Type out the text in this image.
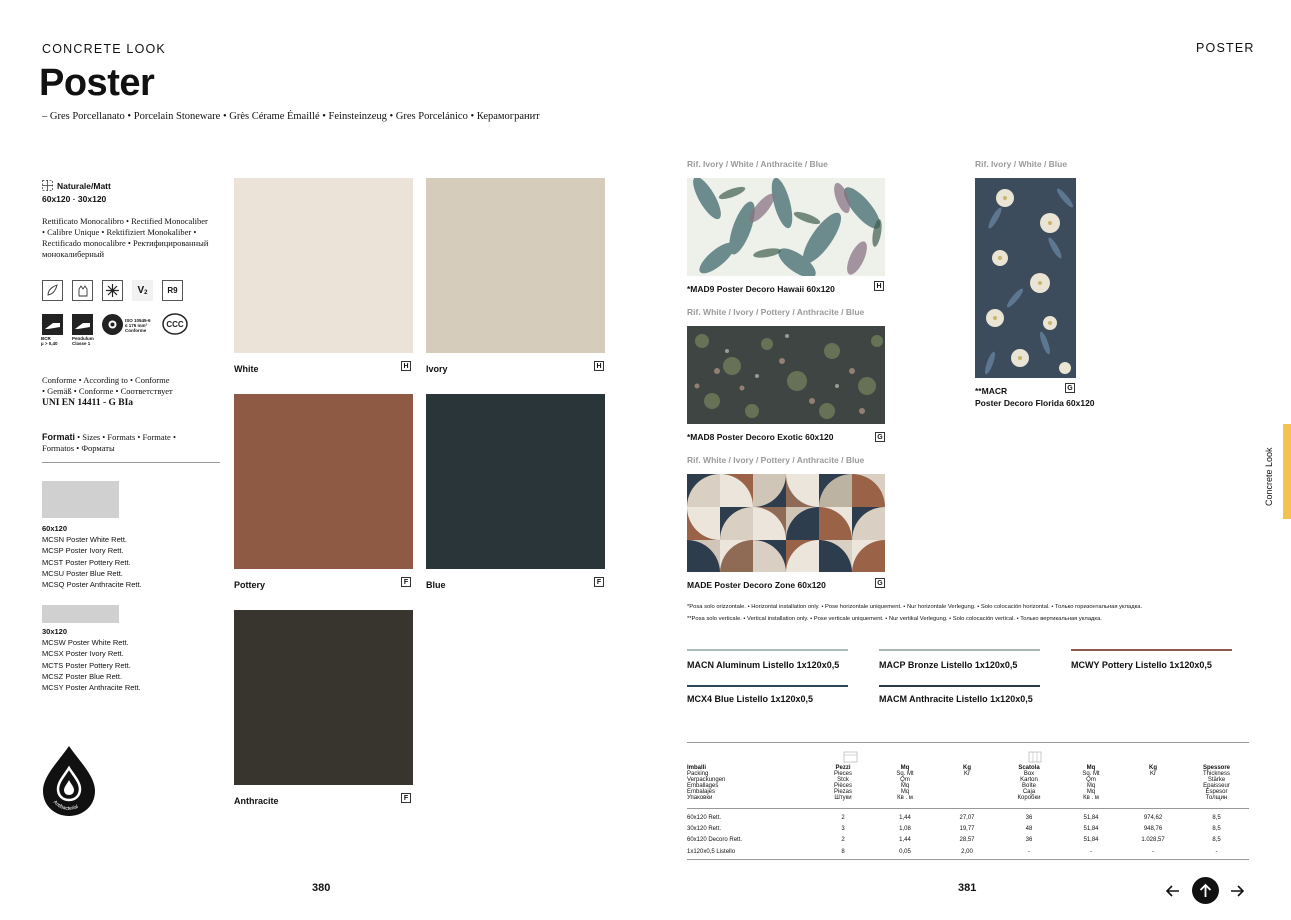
CONCRETE LOOK
Poster
– Gres Porcellanato • Porcelain Stoneware • Grès Cérame Émaillé • Feinsteinzeug • Gres Porcelánico • Керамогранит
Naturale/Matt
60x120 · 30x120
Rettificato Monocalibro • Rectified Monocaliber
• Calibre Unique • Rektifiziert Monokaliber •
Rectificado monocalibre • Ректифицированный
монокалиберный
V 2	R9
BCR
µ > 0,40
Pendulum
Classe 1
ISO 10545-6
≤ 175 mm³
Conforme
CCC
Conforme • According to • Conforme
• Gemäß • Conforme • Соответствует
UNI EN 14411 - G BIa
Formati • Sizes • Formats • Formate •
Formatos • Форматы
60x120
MCSN Poster White Rett.
MCSP Poster Ivory Rett.
MCST Poster Pottery Rett.
MCSU Poster Blue Rett.
MCSQ Poster Anthracite Rett.
30x120
MCSW Poster White Rett.
MCSX Poster Ivory Rett.
MCTS Poster Pottery Rett.
MCSZ Poster Blue Rett.
MCSY Poster Anthracite Rett.
Antibacterial
White	H Ivory	H
Pottery	F	Blue	F
Anthracite	F
380
POSTER
Rif. Ivory / White / Anthracite / Blue
*MAD9 Poster Decoro Hawaii 60x120	H
Rif. White / Ivory / Pottery / Anthracite / Blue
*MAD8 Poster Decoro Exotic 60x120	G
Rif. White / Ivory / Pottery / Anthracite / Blue
MADE Poster Decoro Zone 60x120	G
Rif. Ivory / White / Blue
**MACR	G
Poster Decoro Florida 60x120
*Posa solo orizzontale. • Horizontal installation only. • Pose horizontale uniquement. • Nur horizontale Verlegung. • Solo colocación horizontal. • Только горизонтальная укладка.
**Posa solo verticale. • Vertical installation only. • Pose verticale uniquement. • Nur vertikal Verlegung. • Solo colocación vertical. • Только вертикальная укладка.
MACN Aluminum Listello 1x120x0,5	MACP Bronze Listello 1x120x0,5	MCWY Pottery Listello 1x120x0,5
MCX4 Blue Listello 1x120x0,5	MACM Anthracite Listello 1x120x0,5
Imballi
Packing
Verpackungen
Emballages
Embalajes
Упаковки

Pezzi
Pieces
Stck
Pièces
Piezas
Штуки

Mq
Sq. Mt
Qm
Mq
Mq
Кв . м

Kg
Kr

Scatola
Box
Karton
Boîte
Caja
Коробки

Mq
Sq. Mt
Qm
Mq
Mq
Кв . м

Kg
Kr

Spessore
Thickness
Stärke
Epaisseur
Espesor
Толщин
60x120 Rett.	2	1,44	27,07	36	51,84	974,62	8,5
30x120 Rett.	3	1,08	19,77	48	51,84	948,76	8,5
60x120 Decoro Rett.	2	1,44	28,57	36	51,84	1.028,57	8,5
1x120x0,5 Listello	8	0,05	2,00	-	-	-	-
Concrete Look
381
